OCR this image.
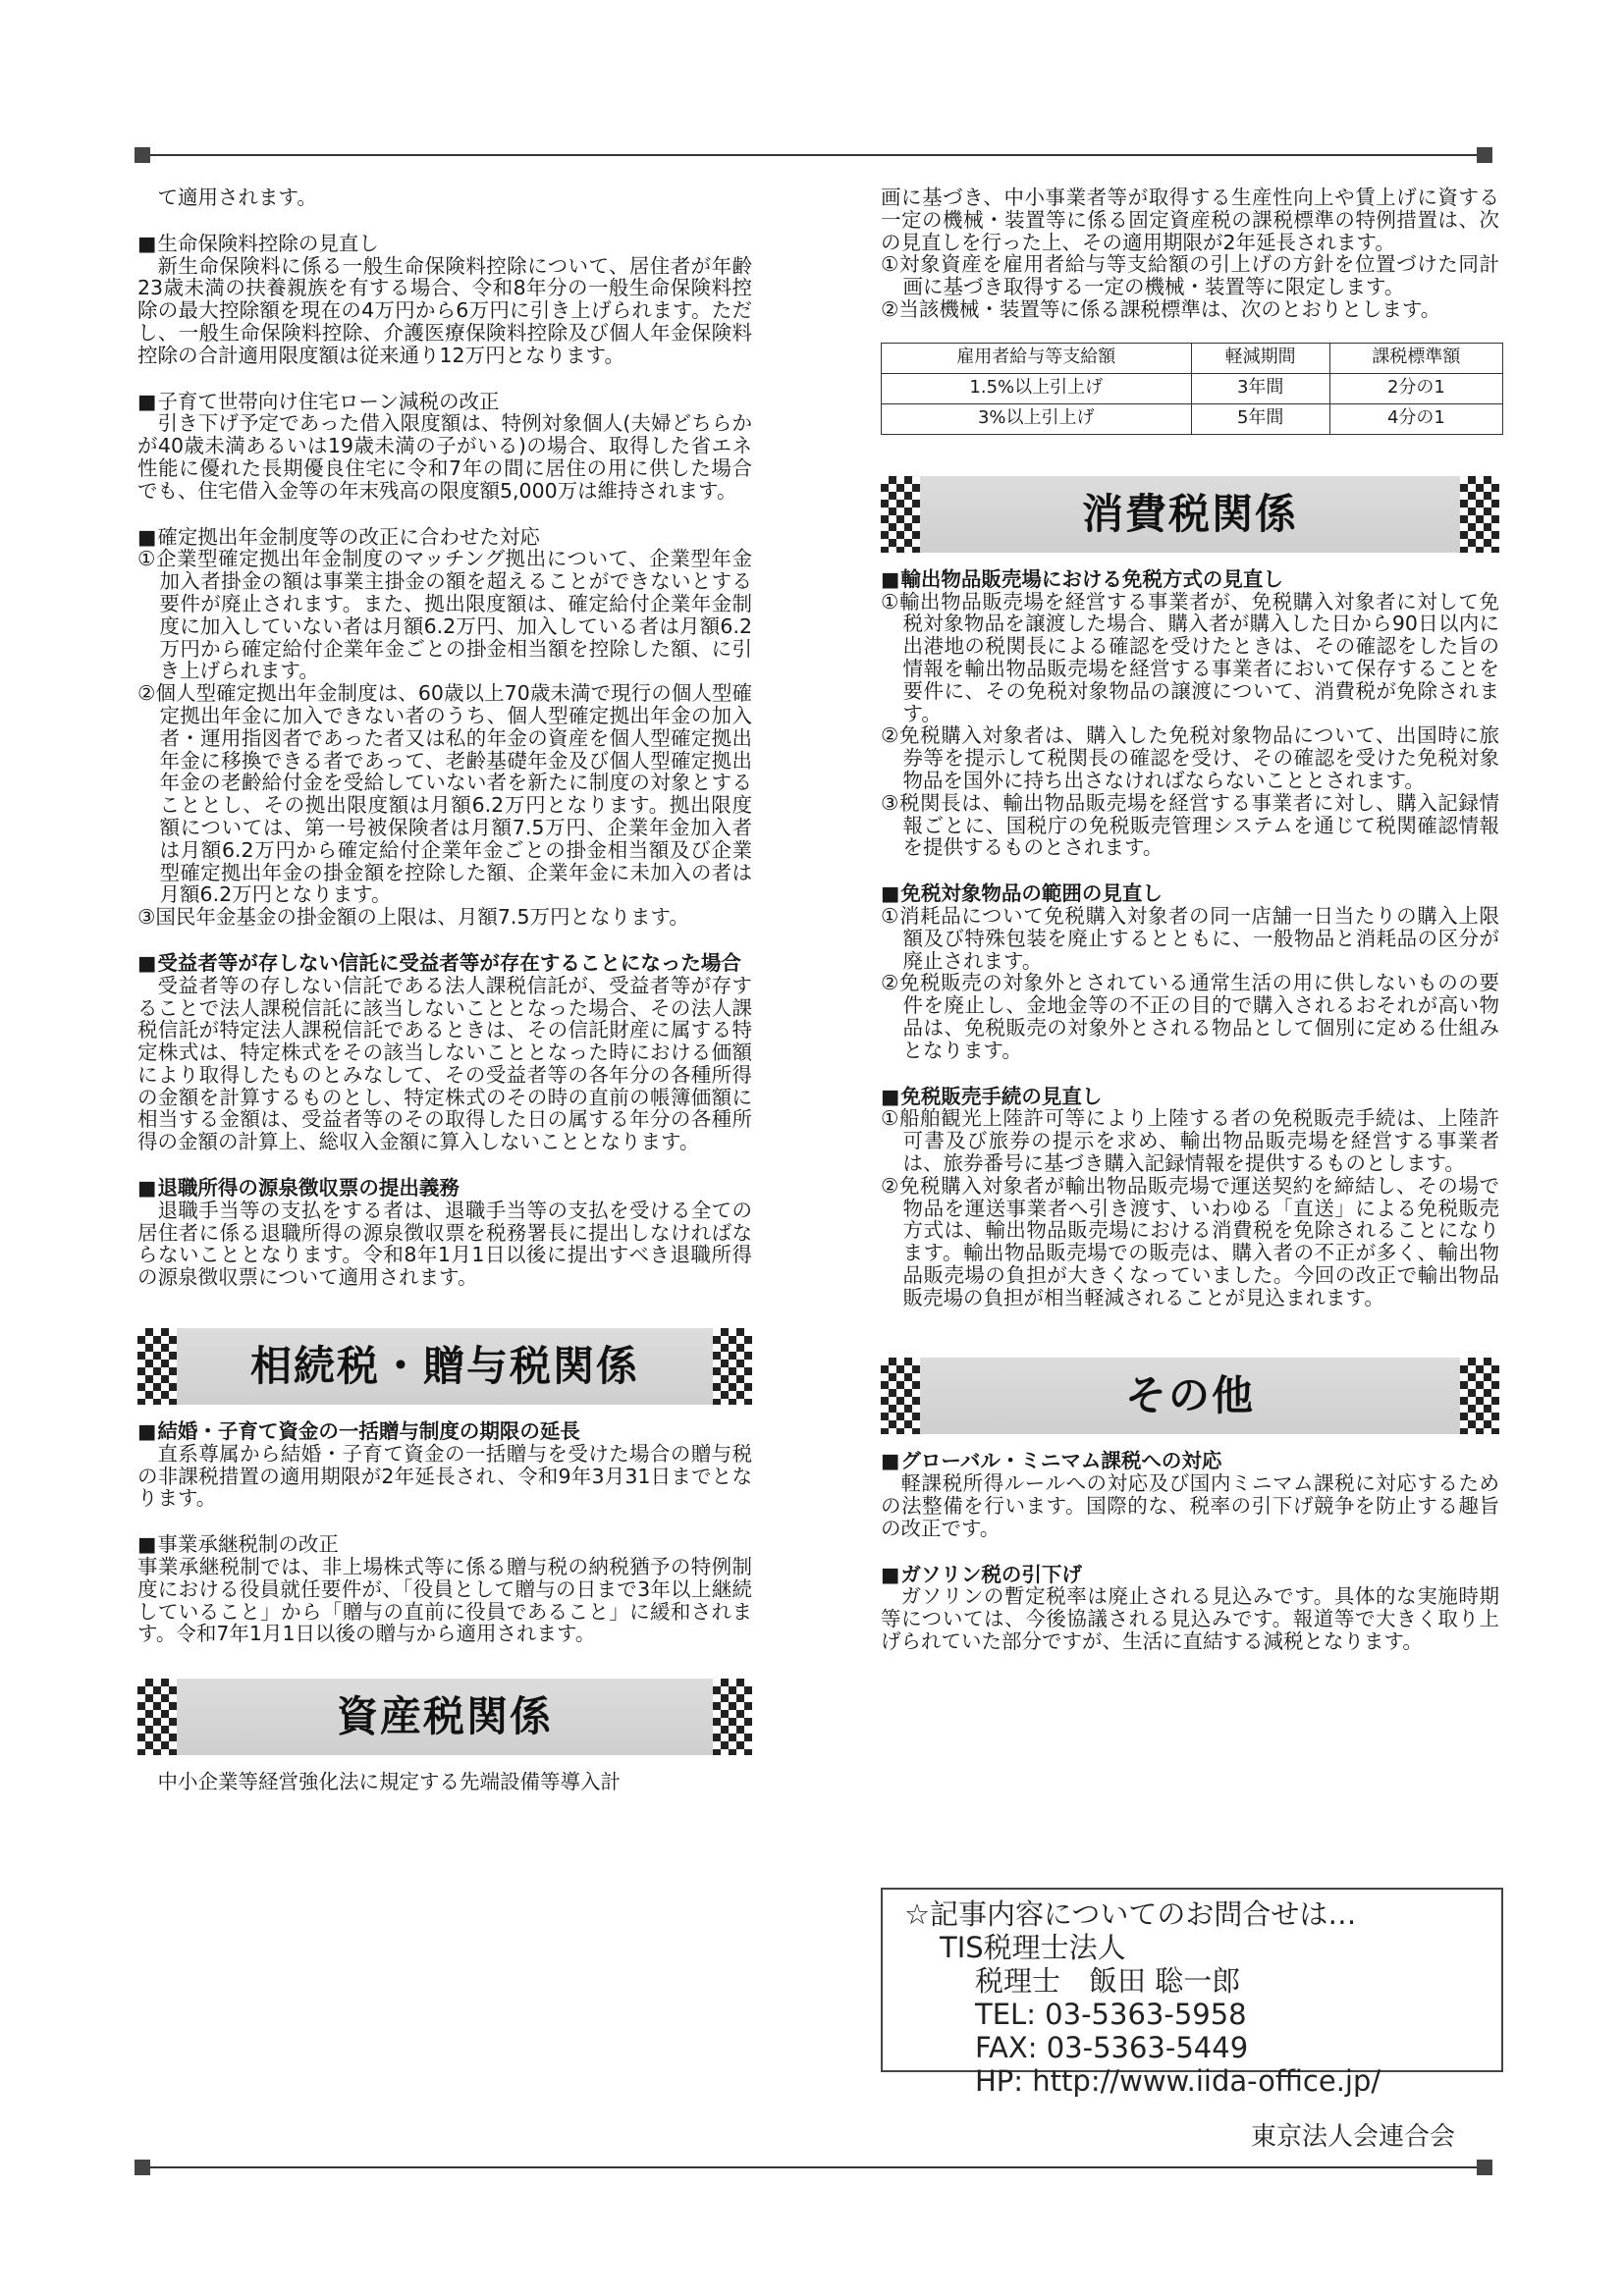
て適用されます。

■ 生命保険料控除の見直し

新生命保険料に係る一般生命保険料控除について、居住者が年齢23歳未満の扶養親族を有する場合、令和8年分の一般生命保険料控除の最大控除額を現在の4万円から6万円に引き上げられます。ただし、一般生命保険料控除、介護医療保険料控除及び個人年金保険料控除の合計適用限度額は従来通り12万円となります。

■ 子育て世帯向け住宅ローン減税の改正

引き下げ予定であった借入限度額は、特例対象個人(夫婦どちらかが40歳未満あるいは19歳未満の子がいる)の場合、取得した省エネ性能に優れた長期優良住宅に令和7年の間に居住の用に供した場合でも、住宅借入金等の年末残高の限度額5,000万は維持されます。

■ 確定拠出年金制度等の改正に合わせた対応

①企業型確定拠出年金制度のマッチング拠出について、企業型年金加入者掛金の額は事業主掛金の額を超えることができないとする要件が廃止されます。また、拠出限度額は、確定給付企業年金制度に加入していない者は月額6.2万円、加入している者は月額6.2万円から確定給付企業年金ごとの掛金相当額を控除した額、に引き上げられます。

②個人型確定拠出年金制度は、60歳以上70歳未満で現行の個人型確定拠出年金に加入できない者のうち、個人型確定拠出年金の加入者・運用指図者であった者又は私的年金の資産を個人型確定拠出年金に移換できる者であって、老齢基礎年金及び個人型確定拠出年金の老齢給付金を受給していない者を新たに制度の対象とすることとし、その拠出限度額は月額6.2万円となります。拠出限度額については、第一号被保険者は月額7.5万円、企業年金加入者は月額6.2万円から確定給付企業年金ごとの掛金相当額及び企業型確定拠出年金の掛金額を控除した額、企業年金に未加入の者は月額6.2万円となります。

③国民年金基金の掛金額の上限は、月額7.5万円となります。

■ 受益者等が存しない信託に受益者等が存在することになった場合

受益者等の存しない信託である法人課税信託が、受益者等が存することで法人課税信託に該当しないこととなった場合、その法人課税信託が特定法人課税信託であるときは、その信託財産に属する特定株式は、特定株式をその該当しないこととなった時における価額により取得したものとみなして、その受益者等の各年分の各種所得の金額を計算するものとし、特定株式のその時の直前の帳簿価額に相当する金額は、受益者等のその取得した日の属する年分の各種所得の金額の計算上、総収入金額に算入しないこととなります。

■ 退職所得の源泉徴収票の提出義務

退職手当等の支払をする者は、退職手当等の支払を受ける全ての居住者に係る退職所得の源泉徴収票を税務署長に提出しなければならないこととなります。令和8年1月1日以後に提出すべき退職所得の源泉徴収票について適用されます。

相続税・贈与税関係
■ 結婚・子育て資金の一括贈与制度の期限の延長

直系尊属から結婚・子育て資金の一括贈与を受けた場合の贈与税の非課税措置の適用期限が2年延長され、令和9年3月31日までとなります。

■ 事業承継税制の改正

事業承継税制では、非上場株式等に係る贈与税の納税猶予の特例制度における役員就任要件が、「役員として贈与の日まで3年以上継続していること」から「贈与の直前に役員であること」に緩和されます。令和7年1月1日以後の贈与から適用されます。

資産税関係

中小企業等経営強化法に規定する先端設備等導入計

画に基づき、中小事業者等が取得する生産性向上や賃上げに資する一定の機械・装置等に係る固定資産税の課税標準の特例措置は、次の見直しを行った上、その適用期限が2年延長されます。

①対象資産を雇用者給与等支給額の引上げの方針を位置づけた同計画に基づき取得する一定の機械・装置等に限定します。

②当該機械・装置等に係る課税標準は、次のとおりとします。

雇用者給与等支給額	軽減期間	課税標準額
1.5%以上引上げ	3年間	2分の1
3%以上引上げ	5年間	4分の1
消費税関係
■ 輸出物品販売場における免税方式の見直し

①輸出物品販売場を経営する事業者が、免税購入対象者に対して免税対象物品を譲渡した場合、購入者が購入した日から90日以内に出港地の税関長による確認を受けたときは、その確認をした旨の情報を輸出物品販売場を経営する事業者において保存することを要件に、その免税対象物品の譲渡について、消費税が免除されます。

②免税購入対象者は、購入した免税対象物品について、出国時に旅券等を提示して税関長の確認を受け、その確認を受けた免税対象物品を国外に持ち出さなければならないこととされます。

③税関長は、輸出物品販売場を経営する事業者に対し、購入記録情報ごとに、国税庁の免税販売管理システムを通じて税関確認情報を提供するものとされます。

■ 免税対象物品の範囲の見直し

①消耗品について免税購入対象者の同一店舗一日当たりの購入上限額及び特殊包装を廃止するとともに、一般物品と消耗品の区分が廃止されます。

②免税販売の対象外とされている通常生活の用に供しないものの要件を廃止し、金地金等の不正の目的で購入されるおそれが高い物品は、免税販売の対象外とされる物品として個別に定める仕組みとなります。

■ 免税販売手続の見直し

①船舶観光上陸許可等により上陸する者の免税販売手続は、上陸許可書及び旅券の提示を求め、輸出物品販売場を経営する事業者は、旅券番号に基づき購入記録情報を提供するものとします。

②免税購入対象者が輸出物品販売場で運送契約を締結し、その場で物品を運送事業者へ引き渡す、いわゆる「直送」による免税販売方式は、輸出物品販売場における消費税を免除されることになります。輸出物品販売場での販売は、購入者の不正が多く、輸出物品販売場の負担が大きくなっていました。今回の改正で輸出物品販売場の負担が相当軽減されることが見込まれます。

その他
■ グローバル・ミニマム課税への対応

軽課税所得ルールへの対応及び国内ミニマム課税に対応するための法整備を行います。国際的な、税率の引下げ競争を防止する趣旨の改正です。

■ ガソリン税の引下げ

ガソリンの暫定税率は廃止される見込みです。具体的な実施時期等については、今後協議される見込みです。報道等で大きく取り上げられていた部分ですが、生活に直結する減税となります。

☆記事内容についてのお問合せは…
TIS税理士法人
税理士　飯田 聡一郎
TEL: 03-5363-5958
FAX: 03-5363-5449
HP: http://www.iida-office.jp/
東京法人会連合会
